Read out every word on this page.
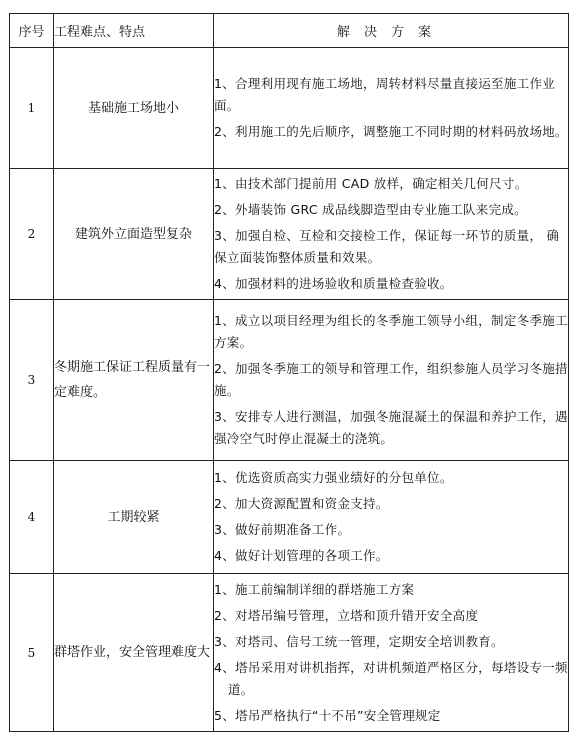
序号	工程难点、特点	解决方案
1	基础施工场地小	1、合理利用现有施工场地，周转材料尽量直接运至施工作业面。
2、利用施工的先后顺序，调整施工不同时期的材料码放场地。

2	建筑外立面造型复杂	1、由技术部门提前用 CAD 放样，确定相关几何尺寸。
2、外墙装饰 GRC 成品线脚造型由专业施工队来完成。
3、加强自检、互检和交接检工作，保证每一环节的质量， 确保立面装饰整体质量和效果。
4、加强材料的进场验收和质量检查验收。

3	冬期施工保证工程质量有一定难度。	1、成立以项目经理为组长的冬季施工领导小组，制定冬季施工方案。
2、加强冬季施工的领导和管理工作，组织参施人员学习冬施措施。
3、安排专人进行测温，加强冬施混凝土的保温和养护工作，遇强冷空气时停止混凝土的浇筑。

4	工期较紧	1、优选资质高实力强业绩好的分包单位。
2、加大资源配置和资金支持。
3、做好前期准备工作。
4、做好计划管理的各项工作。

5	群塔作业，安全管理难度大	1、施工前编制详细的群塔施工方案
2、对塔吊编号管理，立塔和顶升错开安全高度
3、对塔司、信号工统一管理，定期安全培训教育。
4、塔吊采用对讲机指挥，对讲机频道严格区分，每塔设专一频道。
5、塔吊严格执行“十不吊”安全管理规定
